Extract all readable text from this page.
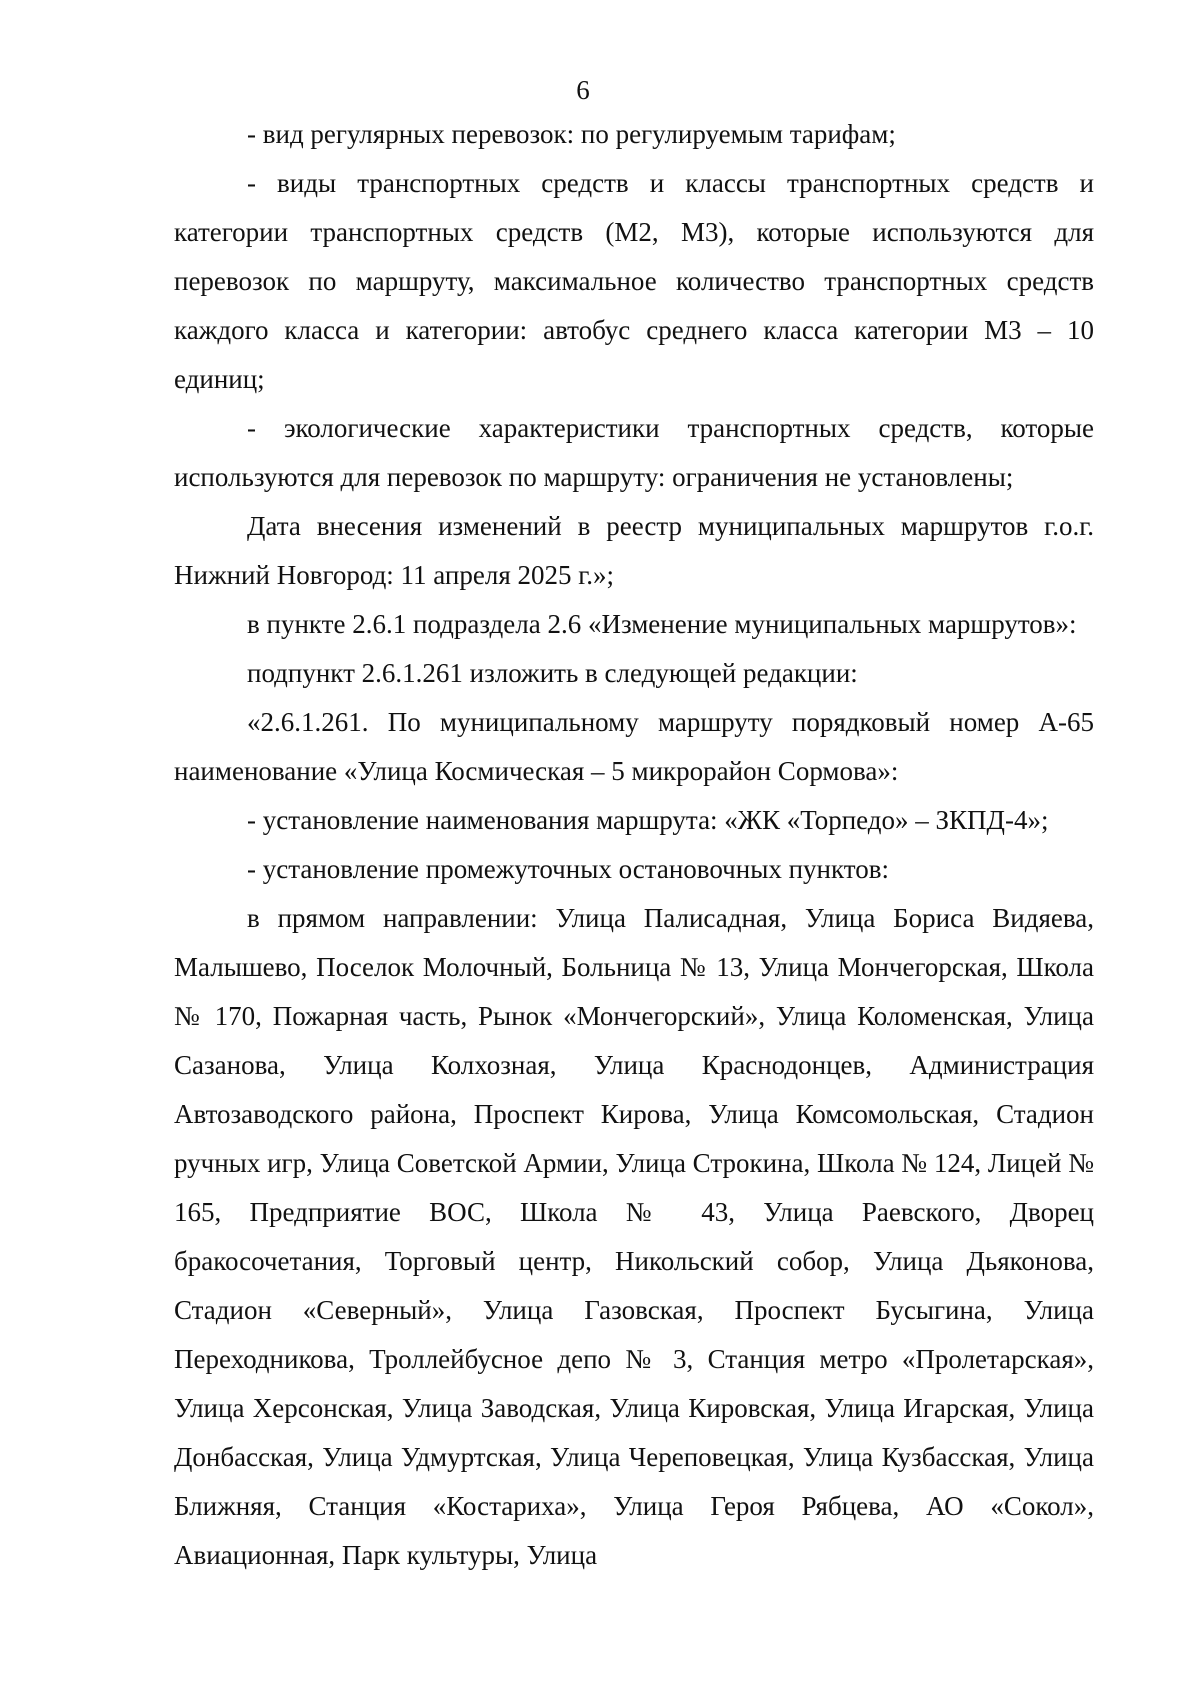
6

- вид регулярных перевозок: по регулируемым тарифам;

- виды транспортных средств и классы транспортных средств и категории транспортных средств (М2, М3), которые используются для перевозок по маршруту, максимальное количество транспортных средств каждого класса и категории: автобус среднего класса категории М3 – 10 единиц;

- экологические характеристики транспортных средств, которые используются для перевозок по маршруту: ограничения не установлены;

Дата внесения изменений в реестр муниципальных маршрутов г.о.г. Нижний Новгород: 11 апреля 2025 г.»;

в пункте 2.6.1 подраздела 2.6 «Изменение муниципальных маршрутов»:

подпункт 2.6.1.261 изложить в следующей редакции:

«2.6.1.261. По муниципальному маршруту порядковый номер А-65 наименование «Улица Космическая – 5 микрорайон Сормова»:

- установление наименования маршрута: «ЖК «Торпедо» – ЗКПД-4»;

- установление промежуточных остановочных пунктов:

в прямом направлении: Улица Палисадная, Улица Бориса Видяева, Малышево, Поселок Молочный, Больница № 13, Улица Мончегорская, Школа № 170, Пожарная часть, Рынок «Мончегорский», Улица Коломенская, Улица Сазанова, Улица Колхозная, Улица Краснодонцев, Администрация Автозаводского района, Проспект Кирова, Улица Комсомольская, Стадион ручных игр, Улица Советской Армии, Улица Строкина, Школа № 124, Лицей № 165, Предприятие ВОС, Школа № 43, Улица Раевского, Дворец бракосочетания, Торговый центр, Никольский собор, Улица Дьяконова, Стадион «Северный», Улица Газовская, Проспект Бусыгина, Улица Переходникова, Троллейбусное депо № 3, Станция метро «Пролетарская», Улица Херсонская, Улица Заводская, Улица Кировская, Улица Игарская, Улица Донбасская, Улица Удмуртская, Улица Череповецкая, Улица Кузбасская, Улица Ближняя, Станция «Костариха», Улица Героя Рябцева, АО «Сокол», Авиационная, Парк культуры, Улица
